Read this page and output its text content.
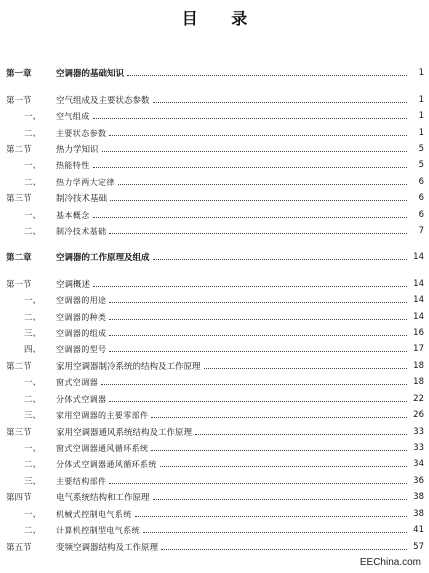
目 录
第一章	空调器的基础知识	1
第一节	空气组成及主要状态参数	1
一、	空气组成	1
二、	主要状态参数	1
第二节	热力学知识	5
一、	热能特性	5
二、	热力学两大定律	6
第三节	制冷技术基础	6
一、	基本概念	6
二、	制冷技术基础	7
第二章	空调器的工作原理及组成	14
第一节	空调概述	14
一、	空调器的用途	14
二、	空调器的种类	14
三、	空调器的组成	16
四、	空调器的型号	17
第二节	家用空调器制冷系统的结构及工作原理	18
一、	窗式空调器	18
二、	分体式空调器	22
三、	家用空调器的主要零部件	26
第三节	家用空调器通风系统结构及工作原理	33
一、	窗式空调器通风循环系统	33
二、	分体式空调器通风循环系统	34
三、	主要结构部件	36
第四节	电气系统结构和工作原理	38
一、	机械式控制电气系统	38
二、	计算机控制型电气系统	41
第五节	变频空调器结构及工作原理	57
EEChina.com
